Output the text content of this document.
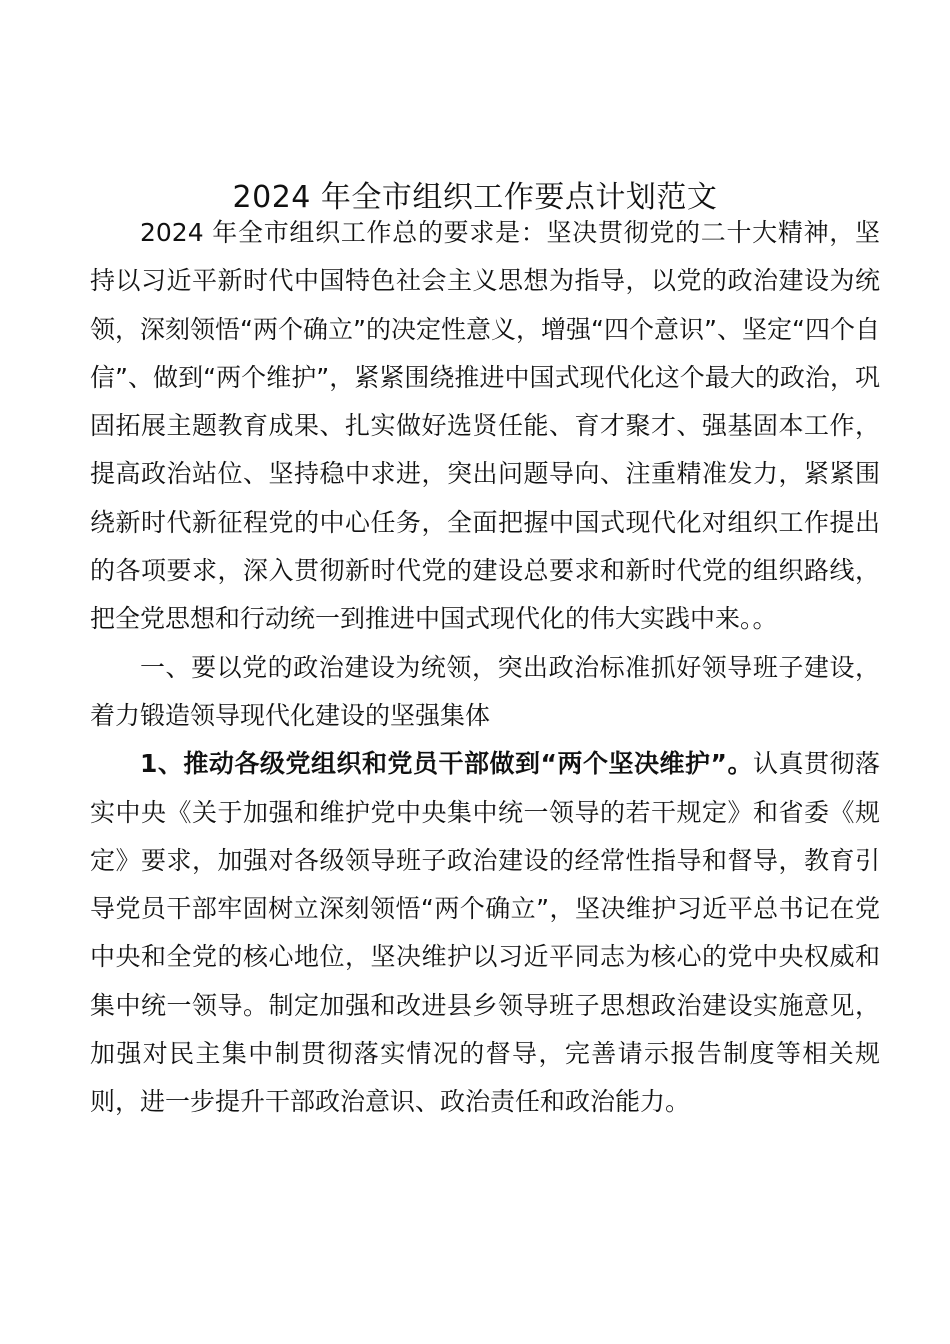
2024 年全市组织工作要点计划范文

2024 年全市组织工作总的要求是：坚决贯彻党的二十大精神，坚持以习近平新时代中国特色社会主义思想为指导，以党的政治建设为统领，深刻领悟“两个确立”的决定性意义，增强“四个意识”、坚定“四个自信”、做到“两个维护”，紧紧围绕推进中国式现代化这个最大的政治，巩固拓展主题教育成果、扎实做好选贤任能、育才聚才、强基固本工作，提高政治站位、坚持稳中求进，突出问题导向、注重精准发力，紧紧围绕新时代新征程党的中心任务，全面把握中国式现代化对组织工作提出的各项要求，深入贯彻新时代党的建设总要求和新时代党的组织路线，把全党思想和行动统一到推进中国式现代化的伟大实践中来。。

一、要以党的政治建设为统领，突出政治标准抓好领导班子建设，着力锻造领导现代化建设的坚强集体

1、推动各级党组织和党员干部做到“两个坚决维护”。认真贯彻落实中央《关于加强和维护党中央集中统一领导的若干规定》和省委《规定》要求，加强对各级领导班子政治建设的经常性指导和督导，教育引导党员干部牢固树立深刻领悟“两个确立”，坚决维护习近平总书记在党中央和全党的核心地位，坚决维护以习近平同志为核心的党中央权威和集中统一领导。制定加强和改进县乡领导班子思想政治建设实施意见，加强对民主集中制贯彻落实情况的督导，完善请示报告制度等相关规则，进一步提升干部政治意识、政治责任和政治能力。
